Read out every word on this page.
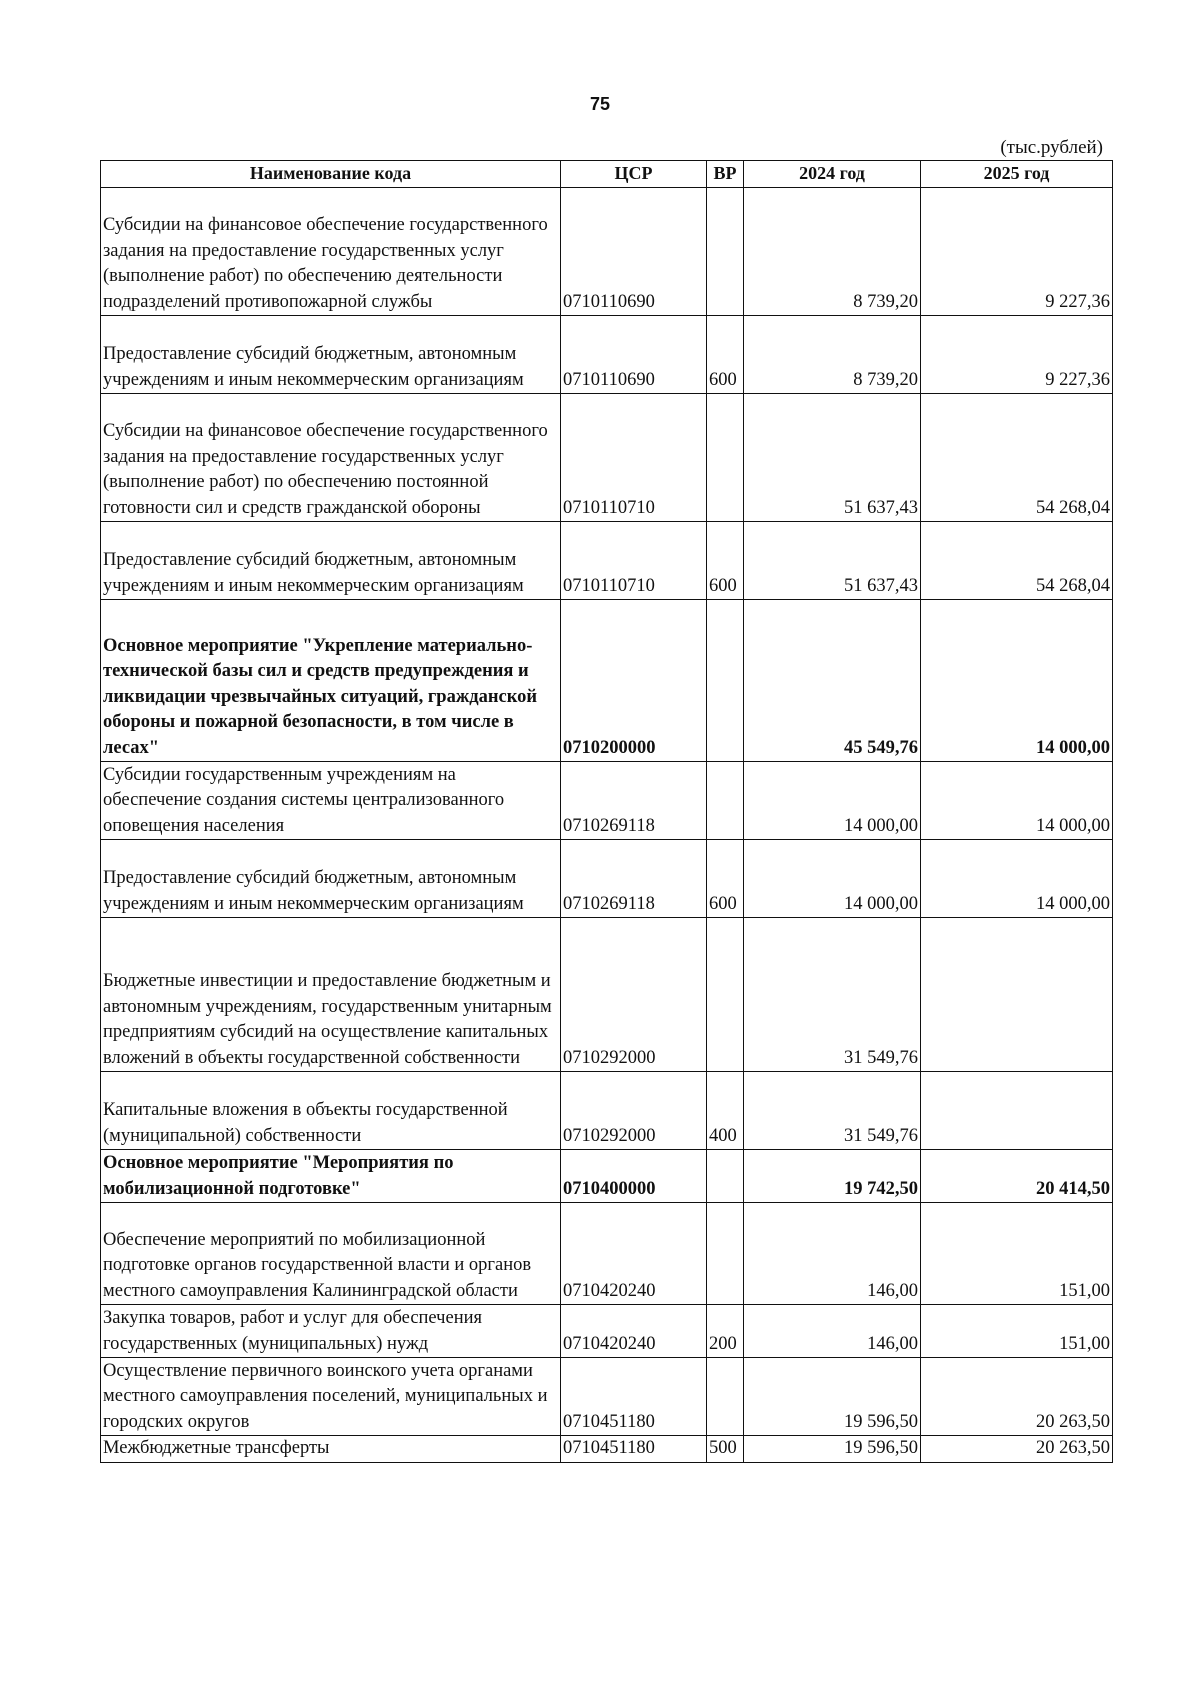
75
(тыс.рублей)
Наименование кода	ЦСР	ВР	2024 год	2025 год
Субсидии на финансовое обеспечение государственного задания на предоставление государственных услуг (выполнение работ) по обеспечению деятельности подразделений противопожарной службы	0710110690		8 739,20	9 227,36
Предоставление субсидий бюджетным, автономным учреждениям и иным некоммерческим организациям	0710110690	600	8 739,20	9 227,36
Субсидии на финансовое обеспечение государственного задания на предоставление государственных услуг (выполнение работ) по обеспечению постоянной готовности сил и средств гражданской обороны	0710110710		51 637,43	54 268,04
Предоставление субсидий бюджетным, автономным учреждениям и иным некоммерческим организациям	0710110710	600	51 637,43	54 268,04
Основное мероприятие "Укрепление материально-технической базы сил и средств предупреждения и ликвидации чрезвычайных ситуаций, гражданской обороны и пожарной безопасности, в том числе в лесах"	0710200000		45 549,76	14 000,00
Субсидии государственным учреждениям на обеспечение создания системы централизованного оповещения населения	0710269118		14 000,00	14 000,00
Предоставление субсидий бюджетным, автономным учреждениям и иным некоммерческим организациям	0710269118	600	14 000,00	14 000,00
Бюджетные инвестиции и предоставление бюджетным и автономным учреждениям, государственным унитарным предприятиям субсидий на осуществление капитальных вложений в объекты государственной собственности	0710292000		31 549,76	
Капитальные вложения в объекты государственной (муниципальной) собственности	0710292000	400	31 549,76	
Основное мероприятие "Мероприятия по мобилизационной подготовке"	0710400000		19 742,50	20 414,50
Обеспечение мероприятий по мобилизационной подготовке органов государственной власти и органов местного самоуправления Калининградской области	0710420240		146,00	151,00
Закупка товаров, работ и услуг для обеспечения государственных (муниципальных) нужд	0710420240	200	146,00	151,00
Осуществление первичного воинского учета органами местного самоуправления поселений, муниципальных и городских округов	0710451180		19 596,50	20 263,50
Межбюджетные трансферты	0710451180	500	19 596,50	20 263,50
